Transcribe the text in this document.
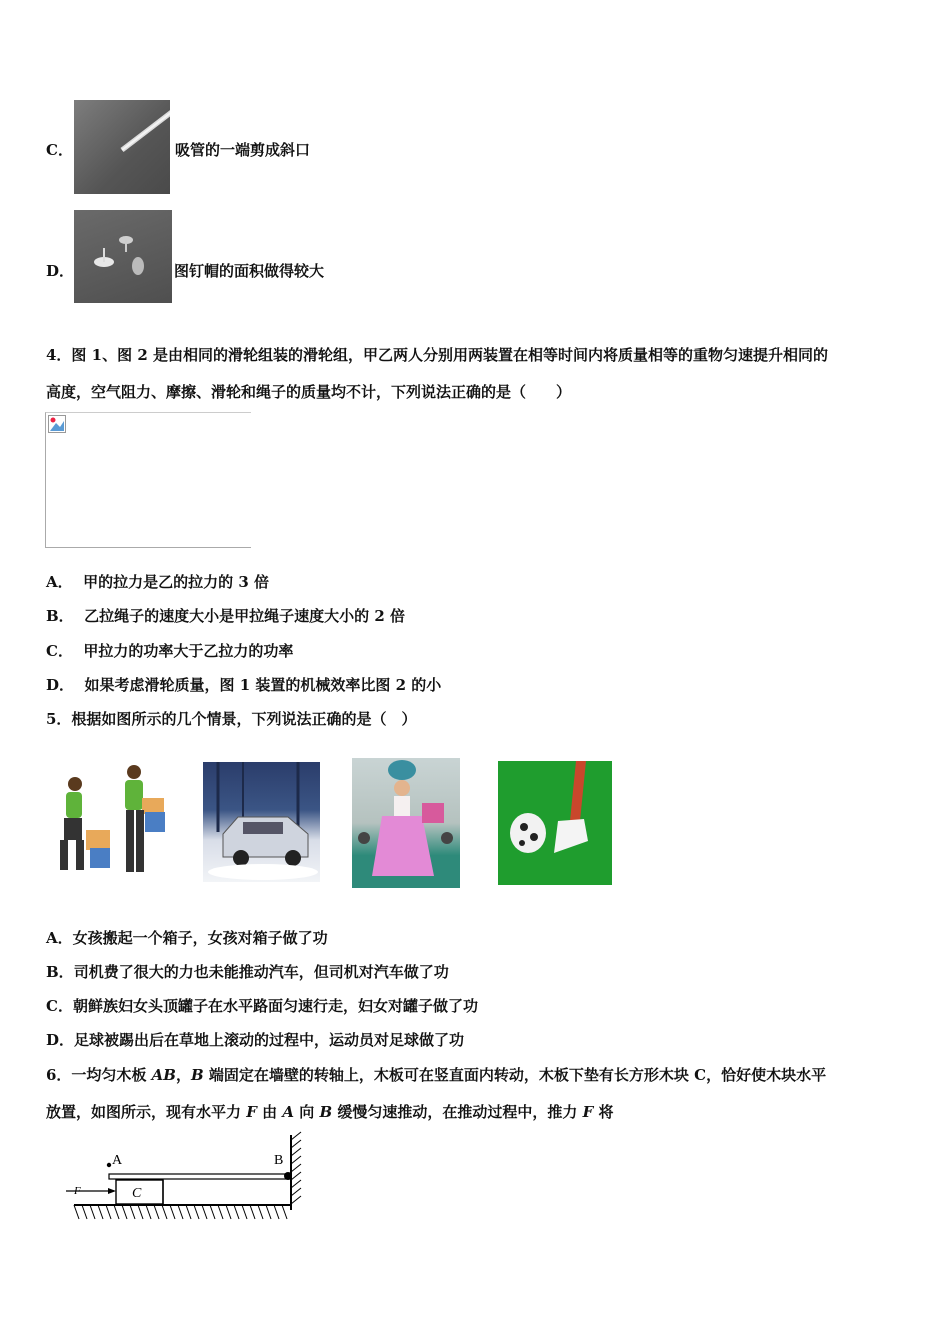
C．	吸管的一端剪成斜口
D．	图钉帽的面积做得较大
4．图 1、图 2 是由相同的滑轮组装的滑轮组，甲乙两人分别用两装置在相等时间内将质量相等的重物匀速提升相同的
高度，空气阻力、摩擦、滑轮和绳子的质量均不计，下列说法正确的是（　　）
A． 甲的拉力是乙的拉力的 3 倍
B． 乙拉绳子的速度大小是甲拉绳子速度大小的 2 倍
C． 甲拉力的功率大于乙拉力的功率
D． 如果考虑滑轮质量，图 1 装置的机械效率比图 2 的小
5．根据如图所示的几个情景，下列说法正确的是（　）
A．女孩搬起一个箱子，女孩对箱子做了功
B．司机费了很大的力也未能推动汽车，但司机对汽车做了功
C．朝鲜族妇女头顶罐子在水平路面匀速行走，妇女对罐子做了功
D．足球被踢出后在草地上滚动的过程中，运动员对足球做了功
6．一均匀木板 AB，B 端固定在墙壁的转轴上，木板可在竖直面内转动，木板下垫有长方形木块 C，恰好使木块水平
放置，如图所示，现有水平力 F 由 A 向 B 缓慢匀速推动，在推动过程中，推力 F 将
A	B
C
F
